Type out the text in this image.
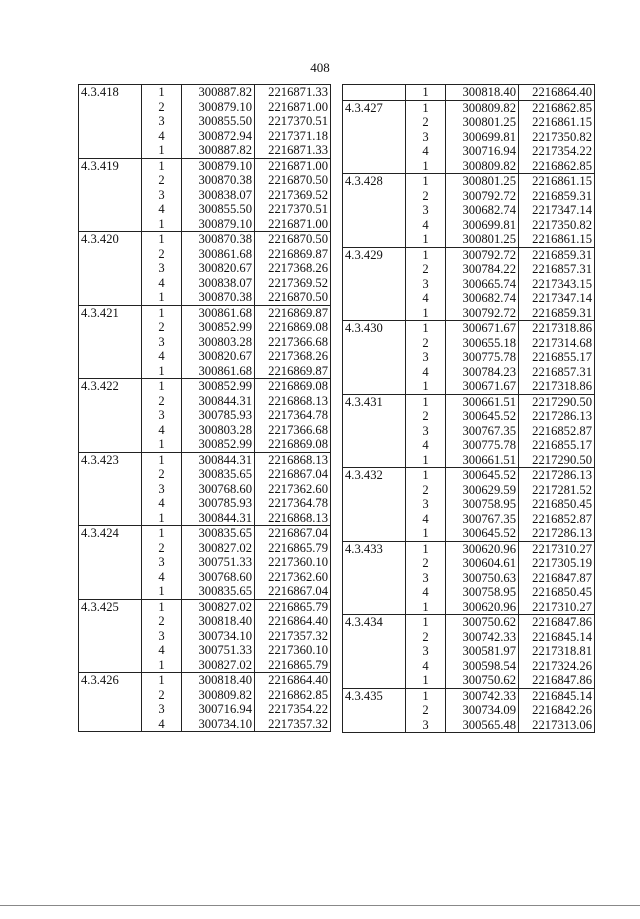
408
4.3.418	1	300887.82	2216871.33
	2	300879.10	2216871.00
	3	300855.50	2217370.51
	4	300872.94	2217371.18
	1	300887.82	2216871.33
4.3.419	1	300879.10	2216871.00
	2	300870.38	2216870.50
	3	300838.07	2217369.52
	4	300855.50	2217370.51
	1	300879.10	2216871.00
4.3.420	1	300870.38	2216870.50
	2	300861.68	2216869.87
	3	300820.67	2217368.26
	4	300838.07	2217369.52
	1	300870.38	2216870.50
4.3.421	1	300861.68	2216869.87
	2	300852.99	2216869.08
	3	300803.28	2217366.68
	4	300820.67	2217368.26
	1	300861.68	2216869.87
4.3.422	1	300852.99	2216869.08
	2	300844.31	2216868.13
	3	300785.93	2217364.78
	4	300803.28	2217366.68
	1	300852.99	2216869.08
4.3.423	1	300844.31	2216868.13
	2	300835.65	2216867.04
	3	300768.60	2217362.60
	4	300785.93	2217364.78
	1	300844.31	2216868.13
4.3.424	1	300835.65	2216867.04
	2	300827.02	2216865.79
	3	300751.33	2217360.10
	4	300768.60	2217362.60
	1	300835.65	2216867.04
4.3.425	1	300827.02	2216865.79
	2	300818.40	2216864.40
	3	300734.10	2217357.32
	4	300751.33	2217360.10
	1	300827.02	2216865.79
4.3.426	1	300818.40	2216864.40
	2	300809.82	2216862.85
	3	300716.94	2217354.22
	4	300734.10	2217357.32
	1	300818.40	2216864.40
4.3.427	1	300809.82	2216862.85
	2	300801.25	2216861.15
	3	300699.81	2217350.82
	4	300716.94	2217354.22
	1	300809.82	2216862.85
4.3.428	1	300801.25	2216861.15
	2	300792.72	2216859.31
	3	300682.74	2217347.14
	4	300699.81	2217350.82
	1	300801.25	2216861.15
4.3.429	1	300792.72	2216859.31
	2	300784.22	2216857.31
	3	300665.74	2217343.15
	4	300682.74	2217347.14
	1	300792.72	2216859.31
4.3.430	1	300671.67	2217318.86
	2	300655.18	2217314.68
	3	300775.78	2216855.17
	4	300784.23	2216857.31
	1	300671.67	2217318.86
4.3.431	1	300661.51	2217290.50
	2	300645.52	2217286.13
	3	300767.35	2216852.87
	4	300775.78	2216855.17
	1	300661.51	2217290.50
4.3.432	1	300645.52	2217286.13
	2	300629.59	2217281.52
	3	300758.95	2216850.45
	4	300767.35	2216852.87
	1	300645.52	2217286.13
4.3.433	1	300620.96	2217310.27
	2	300604.61	2217305.19
	3	300750.63	2216847.87
	4	300758.95	2216850.45
	1	300620.96	2217310.27
4.3.434	1	300750.62	2216847.86
	2	300742.33	2216845.14
	3	300581.97	2217318.81
	4	300598.54	2217324.26
	1	300750.62	2216847.86
4.3.435	1	300742.33	2216845.14
	2	300734.09	2216842.26
	3	300565.48	2217313.06
